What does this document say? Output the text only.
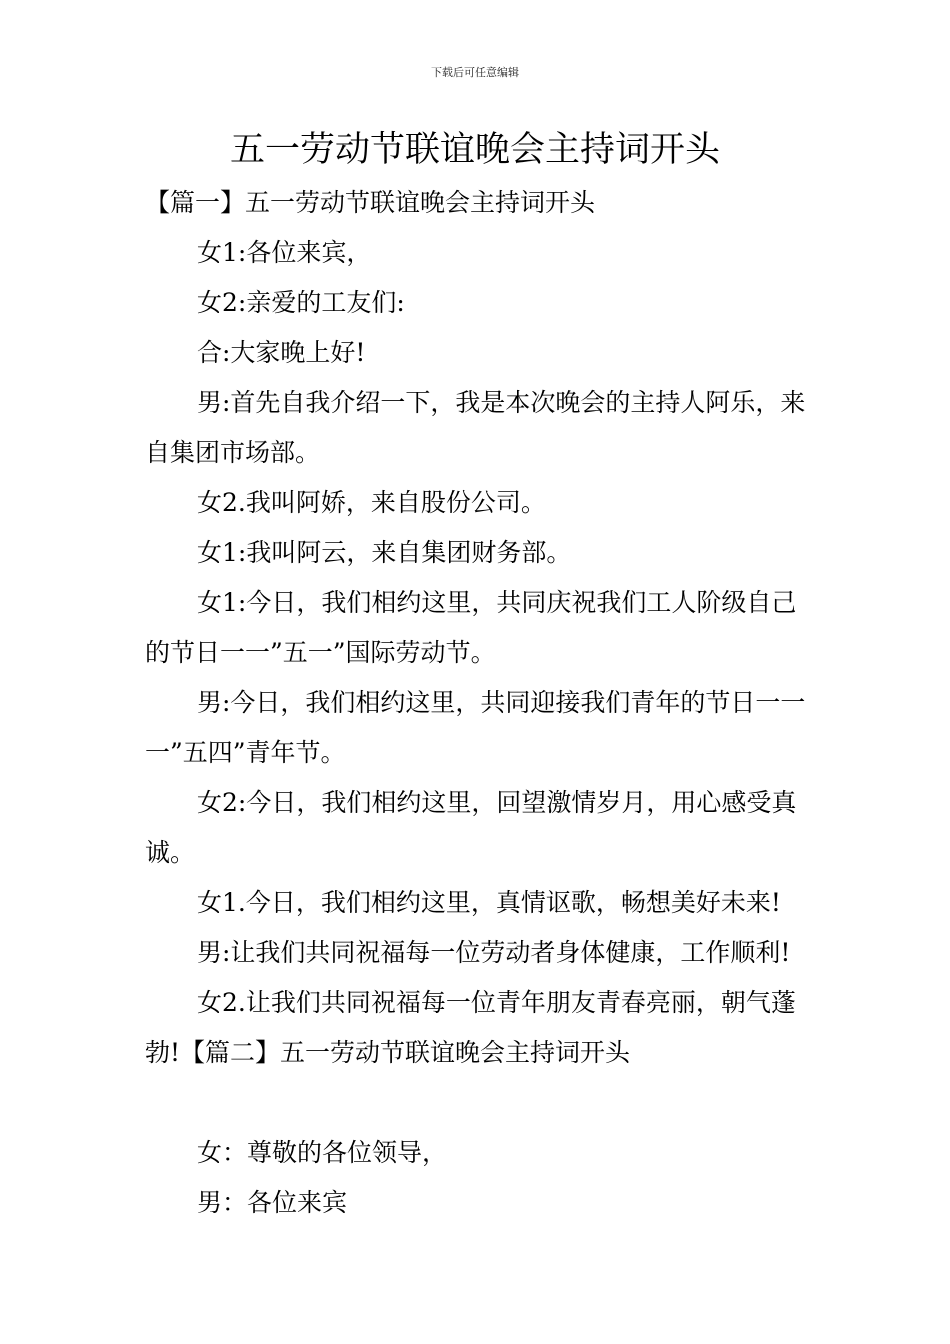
下载后可任意编辑
五一劳动节联谊晚会主持词开头

【篇一】五一劳动节联谊晚会主持词开头

女1:各位来宾，

女2:亲爱的工友们:

合:大家晚上好!

男:首先自我介绍一下，我是本次晚会的主持人阿乐，来自集团市场部。

女2.我叫阿娇，来自股份公司。

女1:我叫阿云，来自集团财务部。

女1:今日，我们相约这里，共同庆祝我们工人阶级自己的节日一一”五一”国际劳动节。

男:今日，我们相约这里，共同迎接我们青年的节日一一一”五四”青年节。

女2:今日，我们相约这里，回望激情岁月，用心感受真诚。

女1.今日，我们相约这里，真情讴歌，畅想美好未来!

男:让我们共同祝福每一位劳动者身体健康，工作顺利!

女2.让我们共同祝福每一位青年朋友青春亮丽，朝气蓬勃!【篇二】五一劳动节联谊晚会主持词开头

女：尊敬的各位领导，

男：各位来宾
